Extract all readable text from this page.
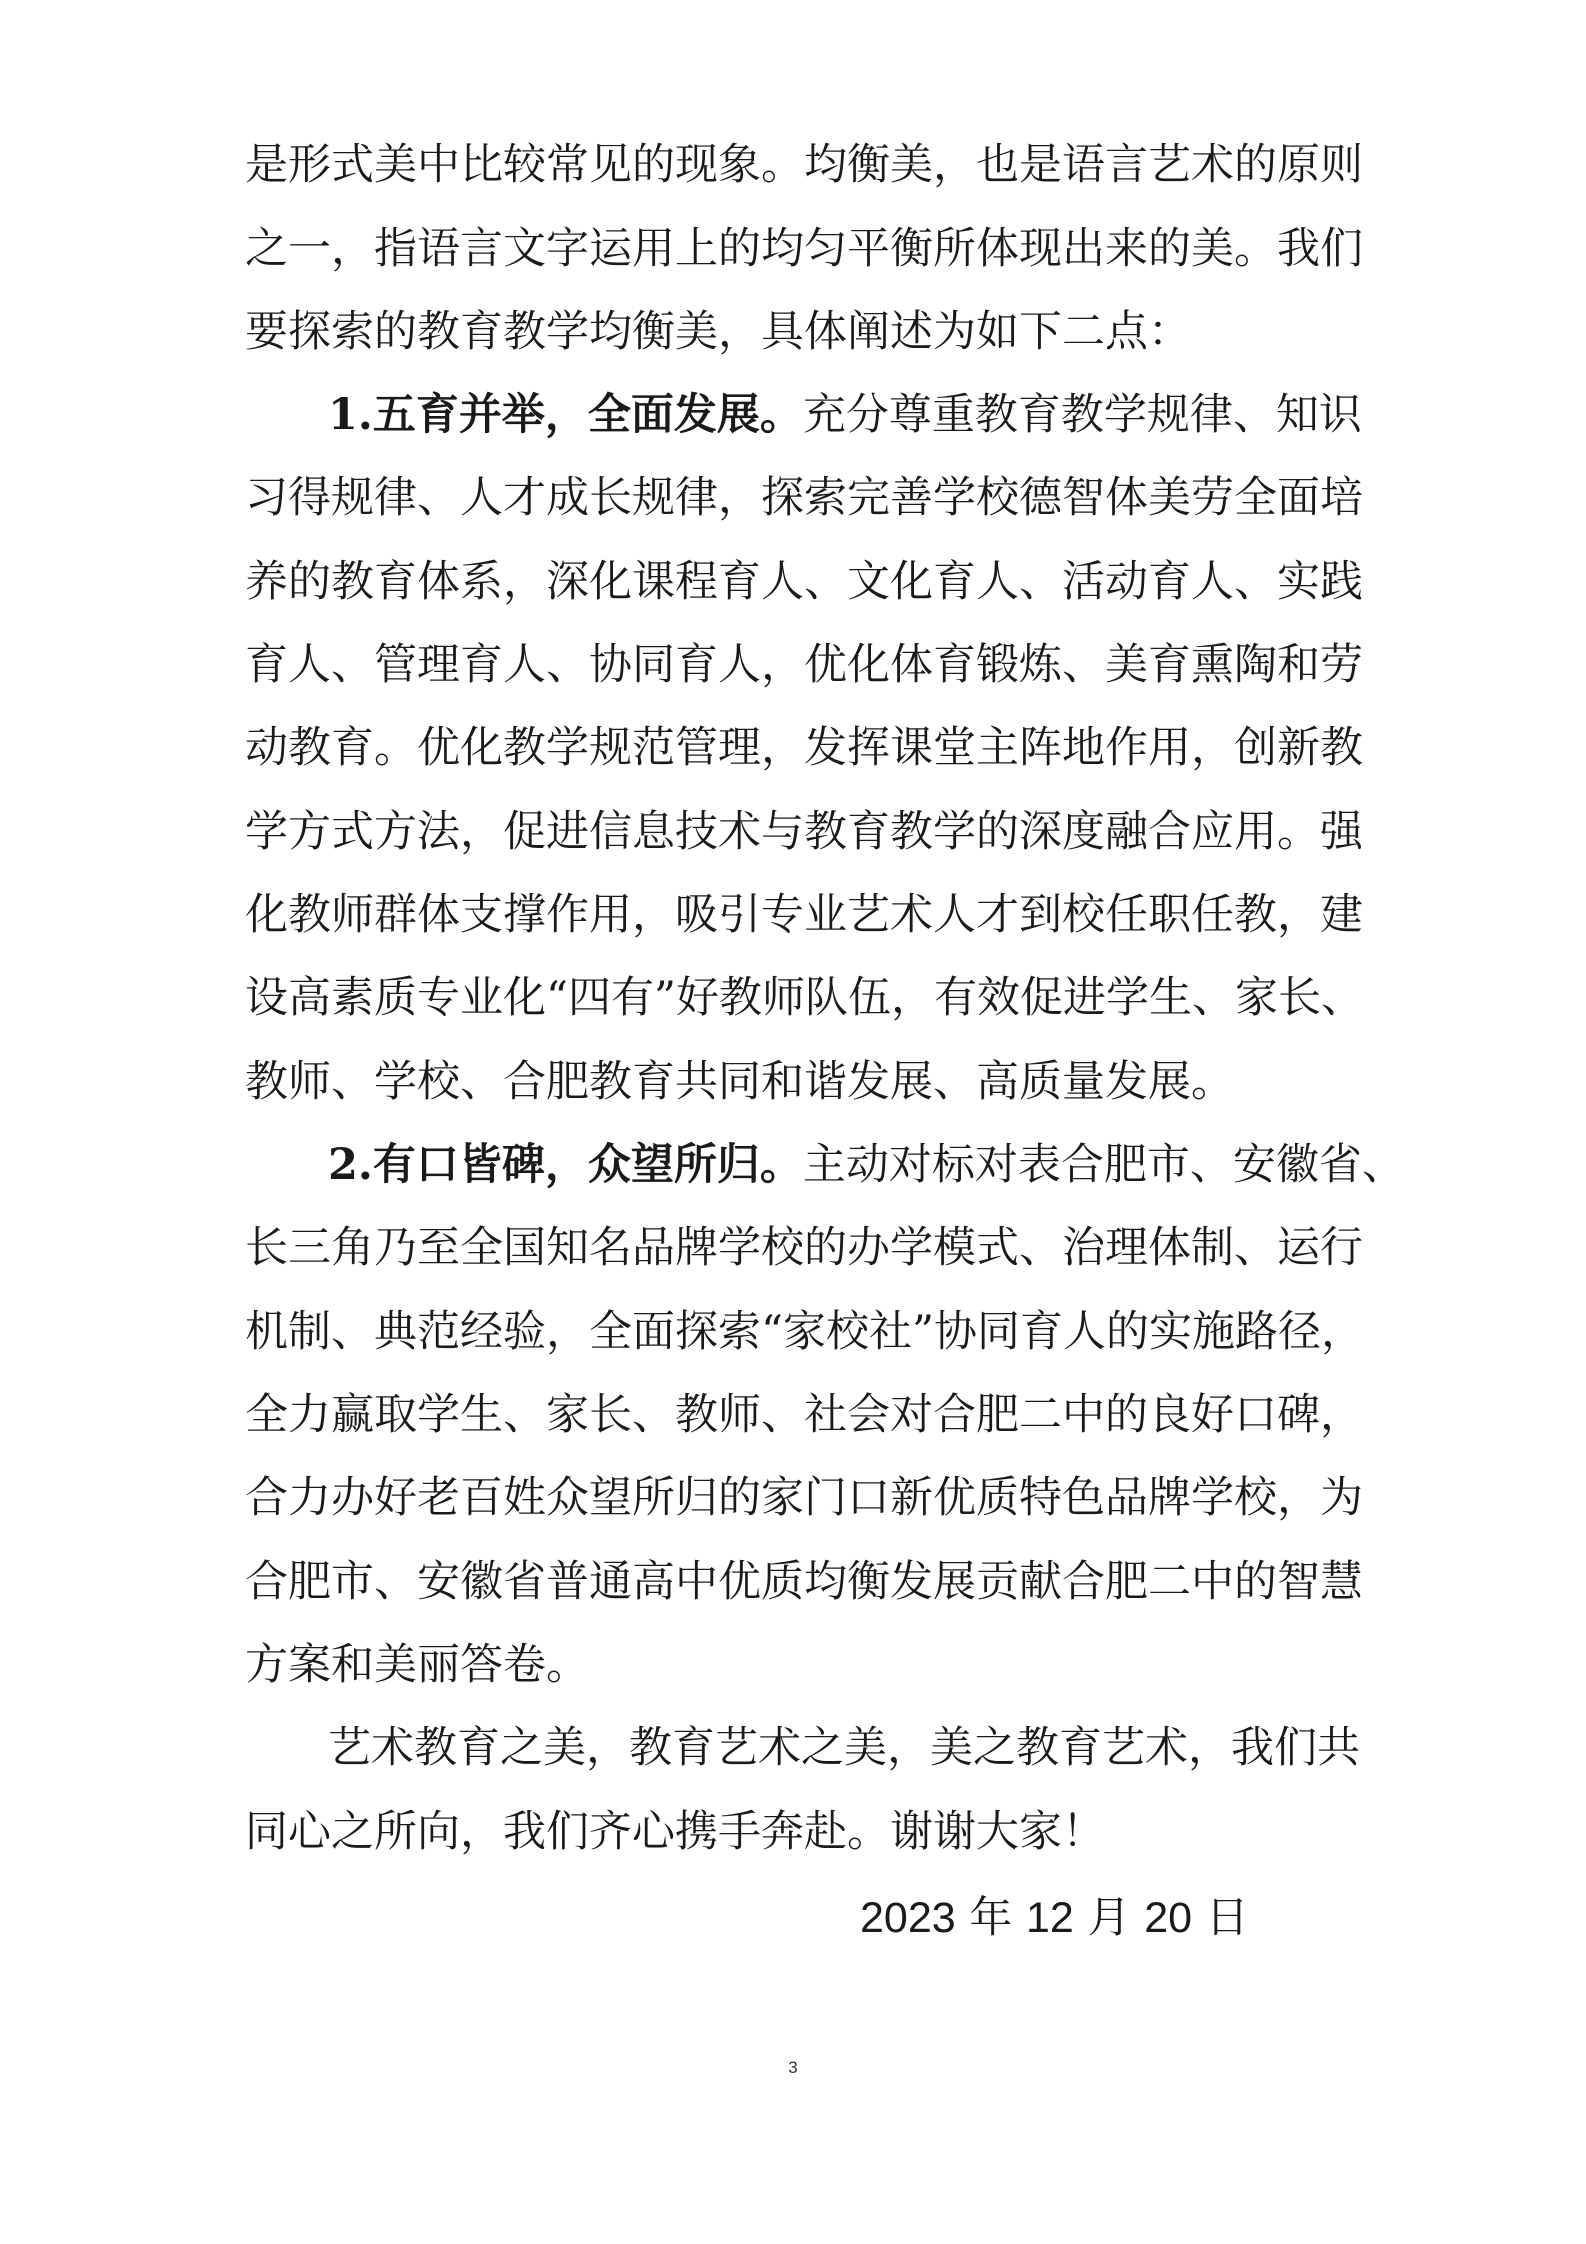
是形式美中比较常见的现象。均衡美，也是语言艺术的原则
之一，指语言文字运用上的均匀平衡所体现出来的美。我们
要探索的教育教学均衡美，具体阐述为如下二点：
1.五育并举，全面发展。充分尊重教育教学规律、知识
习得规律、人才成长规律，探索完善学校德智体美劳全面培
养的教育体系，深化课程育人、文化育人、活动育人、实践
育人、管理育人、协同育人，优化体育锻炼、美育熏陶和劳
动教育。优化教学规范管理，发挥课堂主阵地作用，创新教
学方式方法，促进信息技术与教育教学的深度融合应用。强
化教师群体支撑作用，吸引专业艺术人才到校任职任教，建
设高素质专业化“四有”好教师队伍，有效促进学生、家长、
教师、学校、合肥教育共同和谐发展、高质量发展。
2.有口皆碑，众望所归。主动对标对表合肥市、安徽省、
长三角乃至全国知名品牌学校的办学模式、治理体制、运行
机制、典范经验，全面探索“家校社”协同育人的实施路径，
全力赢取学生、家长、教师、社会对合肥二中的良好口碑，
合力办好老百姓众望所归的家门口新优质特色品牌学校，为
合肥市、安徽省普通高中优质均衡发展贡献合肥二中的智慧
方案和美丽答卷。
艺术教育之美，教育艺术之美，美之教育艺术，我们共
同心之所向，我们齐心携手奔赴。谢谢大家！
2023 年 12 月 20 日
3
